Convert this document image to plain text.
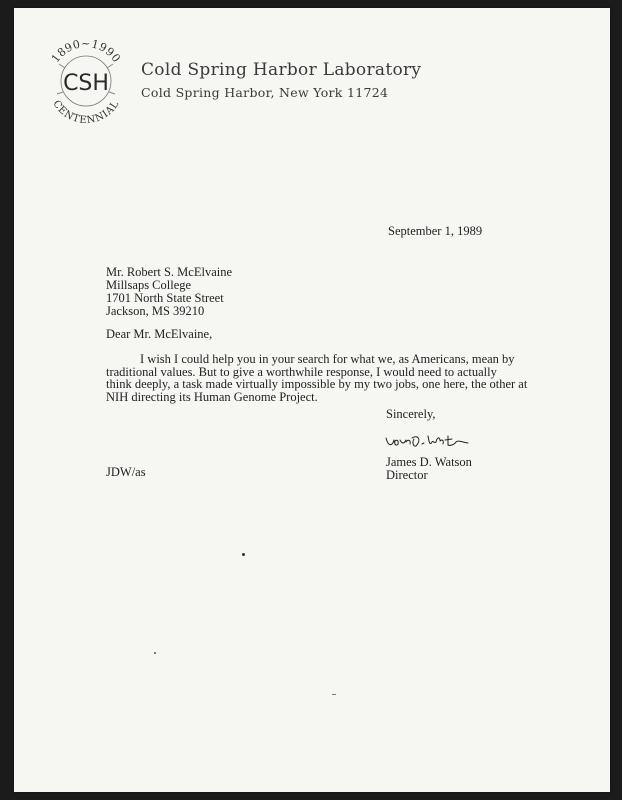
1890~1990
CSH
CENTENNIAL
Cold Spring Harbor Laboratory
Cold Spring Harbor, New York 11724
September 1, 1989
Mr. Robert S. McElvaine
Millsaps College
1701 North State Street
Jackson, MS 39210
Dear Mr. McElvaine,
I wish I could help you in your search for what we, as Americans, mean by
traditional values. But to give a worthwhile response, I would need to actually
think deeply, a task made virtually impossible by my two jobs, one here, the other at
NIH directing its Human Genome Project.
Sincerely,
James D. Watson
Director
JDW/as
